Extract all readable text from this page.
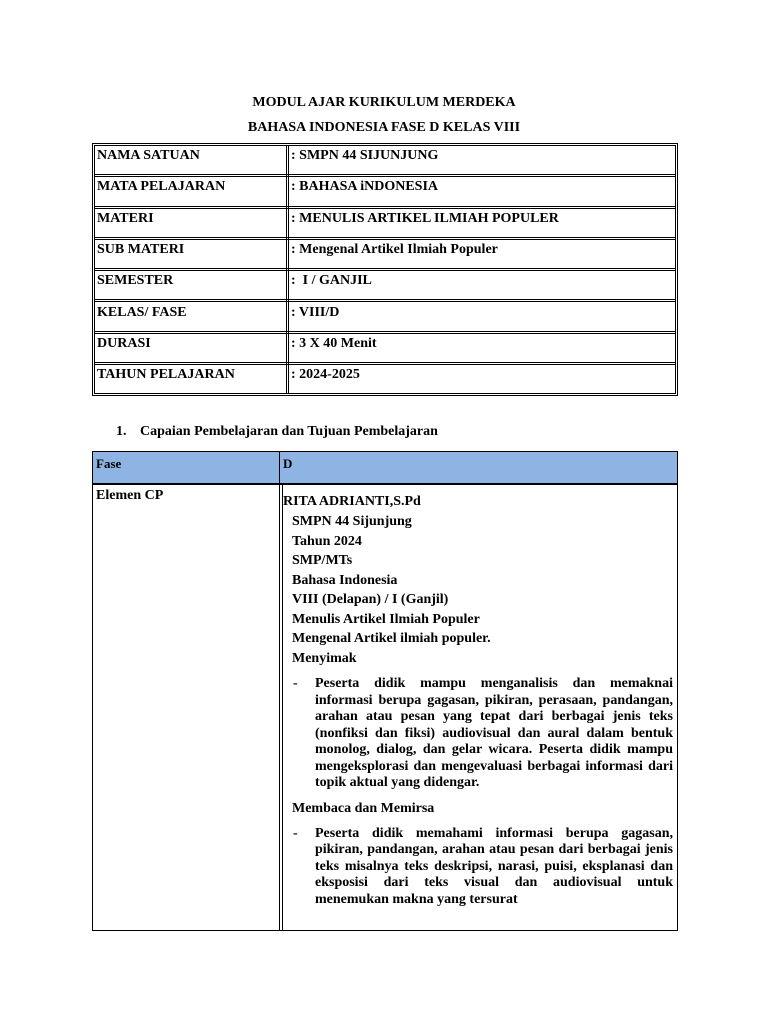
MODUL AJAR KURIKULUM MERDEKA
BAHASA INDONESIA FASE D KELAS VIII
NAMA SATUAN	: SMPN 44 SIJUNJUNG
MATA PELAJARAN	: BAHASA iNDONESIA
MATERI	: MENULIS ARTIKEL ILMIAH POPULER
SUB MATERI	: Mengenal Artikel Ilmiah Populer
SEMESTER	:  I / GANJIL
KELAS/ FASE	: VIII/D
DURASI	: 3 X 40 Menit
TAHUN PELAJARAN	: 2024-2025
1. Capaian Pembelajaran dan Tujuan Pembelajaran
Fase	D
Elemen CP	RITA ADRIANTI,S.Pd
SMPN 44 Sijunjung
Tahun 2024
SMP/MTs
Bahasa Indonesia
VIII (Delapan) / I (Ganjil)
Menulis Artikel Ilmiah Populer
Mengenal Artikel ilmiah populer.
Menyimak
- Peserta didik mampu menganalisis dan memaknai informasi berupa gagasan, pikiran, perasaan, pandangan, arahan atau pesan yang tepat dari berbagai jenis teks (nonfiksi dan fiksi) audiovisual dan aural dalam bentuk monolog, dialog, dan gelar wicara. Peserta didik mampu mengeksplorasi dan mengevaluasi berbagai informasi dari topik aktual yang didengar.
Membaca dan Memirsa
- Peserta didik memahami informasi berupa gagasan, pikiran, pandangan, arahan atau pesan dari berbagai jenis teks misalnya teks deskripsi, narasi, puisi, eksplanasi dan eksposisi dari teks visual dan audiovisual untuk menemukan makna yang tersurat
